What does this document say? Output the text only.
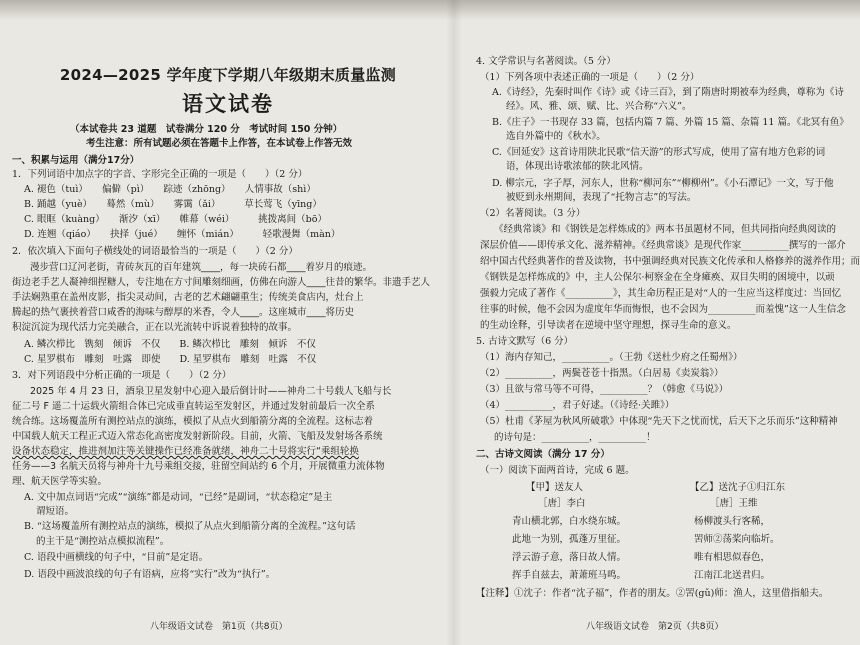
2024—2025 学年度下学期八年级期末质量监测
语文试卷
（本试卷共 23 道题　试卷满分 120 分　考试时间 150 分钟）
考生注意：所有试题必须在答题卡上作答，在本试卷上作答无效
一、积累与运用（满分17分）
1．下列词语中加点字的字音、字形完全正确的一项是（　　）（2 分）
A. 褪色（tuì）　　偏僻（pì）　　踪迹（zhōng）　　人情事故（shì）
B. 踊越（yuè）　　蓦然（mù）　　雾霭（ǎi）　　　草长莺飞（yīng）
C. 眼眶（kuàng）　　渐汐（xī）　　帷幕（wéi）　　　挑拨离间（bō）
D. 连翘（qiáo）　　抉择（jué）　　缠怀（mián）　　　轻歌漫舞（màn）
2．依次填入下面句子横线处的词语最恰当的一项是（　　）（2 分）
漫步营口辽河老街，青砖灰瓦的百年建筑____，每一块砖石都____着岁月的痕迹。
街边老手艺人凝神细捏糖人，专注地在方寸间雕刻细画，仿佛在向游人____往昔的繁华。非遗手艺人
手法娴熟重在盖州皮影，指尖灵动间，古老的艺术翩翩重生；传统美食店内，灶台上
腾起的热气裹挟着营口咸香的海味与醇厚的米香，令人____。这座城市____将历史
积淀沉淀为现代活力完美融合，正在以光流转中诉说着独特的故事。
A. 鳞次栉比　镌刻　倾诉　不仅　　B. 鳞次栉比　雕刻　倾诉　不仅
C. 星罗棋布　雕刻　吐露　即使　　D. 星罗棋布　雕刻　吐露　不仅
3．对下列语段中分析正确的一项是（　　）（2 分）
2025 年 4 月 23 日，酒泉卫星发射中心迎入最后倒计时——神舟二十号载人飞船与长
征二号 F 遥二十运载火箭组合体已完成垂直转运至发射区，并通过发射前最后一次全系
统合练。这场覆盖所有测控站点的演练，模拟了从点火到船箭分离的全流程。这标志着
中国载人航天工程正式迈入常态化高密度发射新阶段。目前，火箭、飞船及发射场各系统
设备状态稳定，推进剂加注等关键操作已经准备就绪，神舟二十号将实行“乘组轮换
任务——3 名航天员将与神舟十九号乘组交接，驻留空间站约 6 个月，开展微重力流体物
理、航天医学等实验。
A. 文中加点词语“完成”“演练”都是动词，“已经”是副词，“状态稳定”是主
谓短语。
B. “这场覆盖所有测控站点的演练，模拟了从点火到船箭分离的全流程。”这句话
的主干是“测控站点模拟流程”。
C. 语段中画横线的句子中，“目前”是定语。
D. 语段中画波浪线的句子有语病，应将“实行”改为“执行”。
八年级语文试卷　第1页（共8页）
4. 文学常识与名著阅读。（5 分）
（1）下列各项中表述正确的一项是（　　）（2 分）
A.《诗经》，先秦时叫作《诗》或《诗三百》，到了隋唐时期被奉为经典，尊称为《诗
经》。风、雅、颂、赋、比、兴合称“六义”。
B.《庄子》一书现存 33 篇，包括内篇 7 篇、外篇 15 篇、杂篇 11 篇。《北冥有鱼》
选自外篇中的《秋水》。
C.《回延安》这首诗用陕北民歌“信天游”的形式写成，使用了富有地方色彩的词
语，体现出诗歌浓郁的陕北风情。
D. 柳宗元，字子厚，河东人，世称“柳河东”“柳柳州”。《小石潭记》一文，写于他
被贬到永州期间，表现了“托物言志”的写法。
（2）名著阅读。（3 分）
《经典常谈》和《钢铁是怎样炼成的》两本书虽题材不同，但共同指向经典阅读的
深层价值——即传承文化、滋养精神。《经典常谈》是现代作家__________撰写的一部介
绍中国古代经典著作的普及读物，书中强调经典对民族文化传承和人格修养的滋养作用；而
《钢铁是怎样炼成的》中，主人公保尔·柯察金在全身瘫痪、双目失明的困境中，以顽
强毅力完成了著作《__________》，其生命历程正是对“人的一生应当这样度过：当回忆
往事的时候，他不会因为虚度年华而悔恨，也不会因为__________而羞愧”这一人生信念
的生动诠释，引导读者在逆境中坚守理想，探寻生命的意义。
5. 古诗文默写（6 分）
（1）海内存知己，__________。（王勃《送杜少府之任蜀州》）
（2）__________，两鬓苍苍十指黑。（白居易《卖炭翁》）
（3）且欲与常马等不可得，__________？（韩愈《马说》）
（4）__________，君子好逑。（《诗经·关雎》）
（5）杜甫《茅屋为秋风所破歌》中体现“先天下之忧而忧，后天下之乐而乐”这种精神
的诗句是：__________，__________！
二、古诗文阅读（满分 17 分）
（一）阅读下面两首诗，完成 6 题。
【甲】送友人	【乙】送沈子①归江东
［唐］李白	［唐］王维
青山横北郭，白水绕东城。	杨柳渡头行客稀，
此地一为别，孤蓬万里征。	罟师②荡桨向临圻。
浮云游子意，落日故人情。	唯有相思似春色，
挥手自兹去，萧萧班马鸣。	江南江北送君归。
【注释】①沈子：作者“沈子福”，作者的朋友。②罟(gǔ)师：渔人，这里借指船夫。
八年级语文试卷　第2页（共8页）
